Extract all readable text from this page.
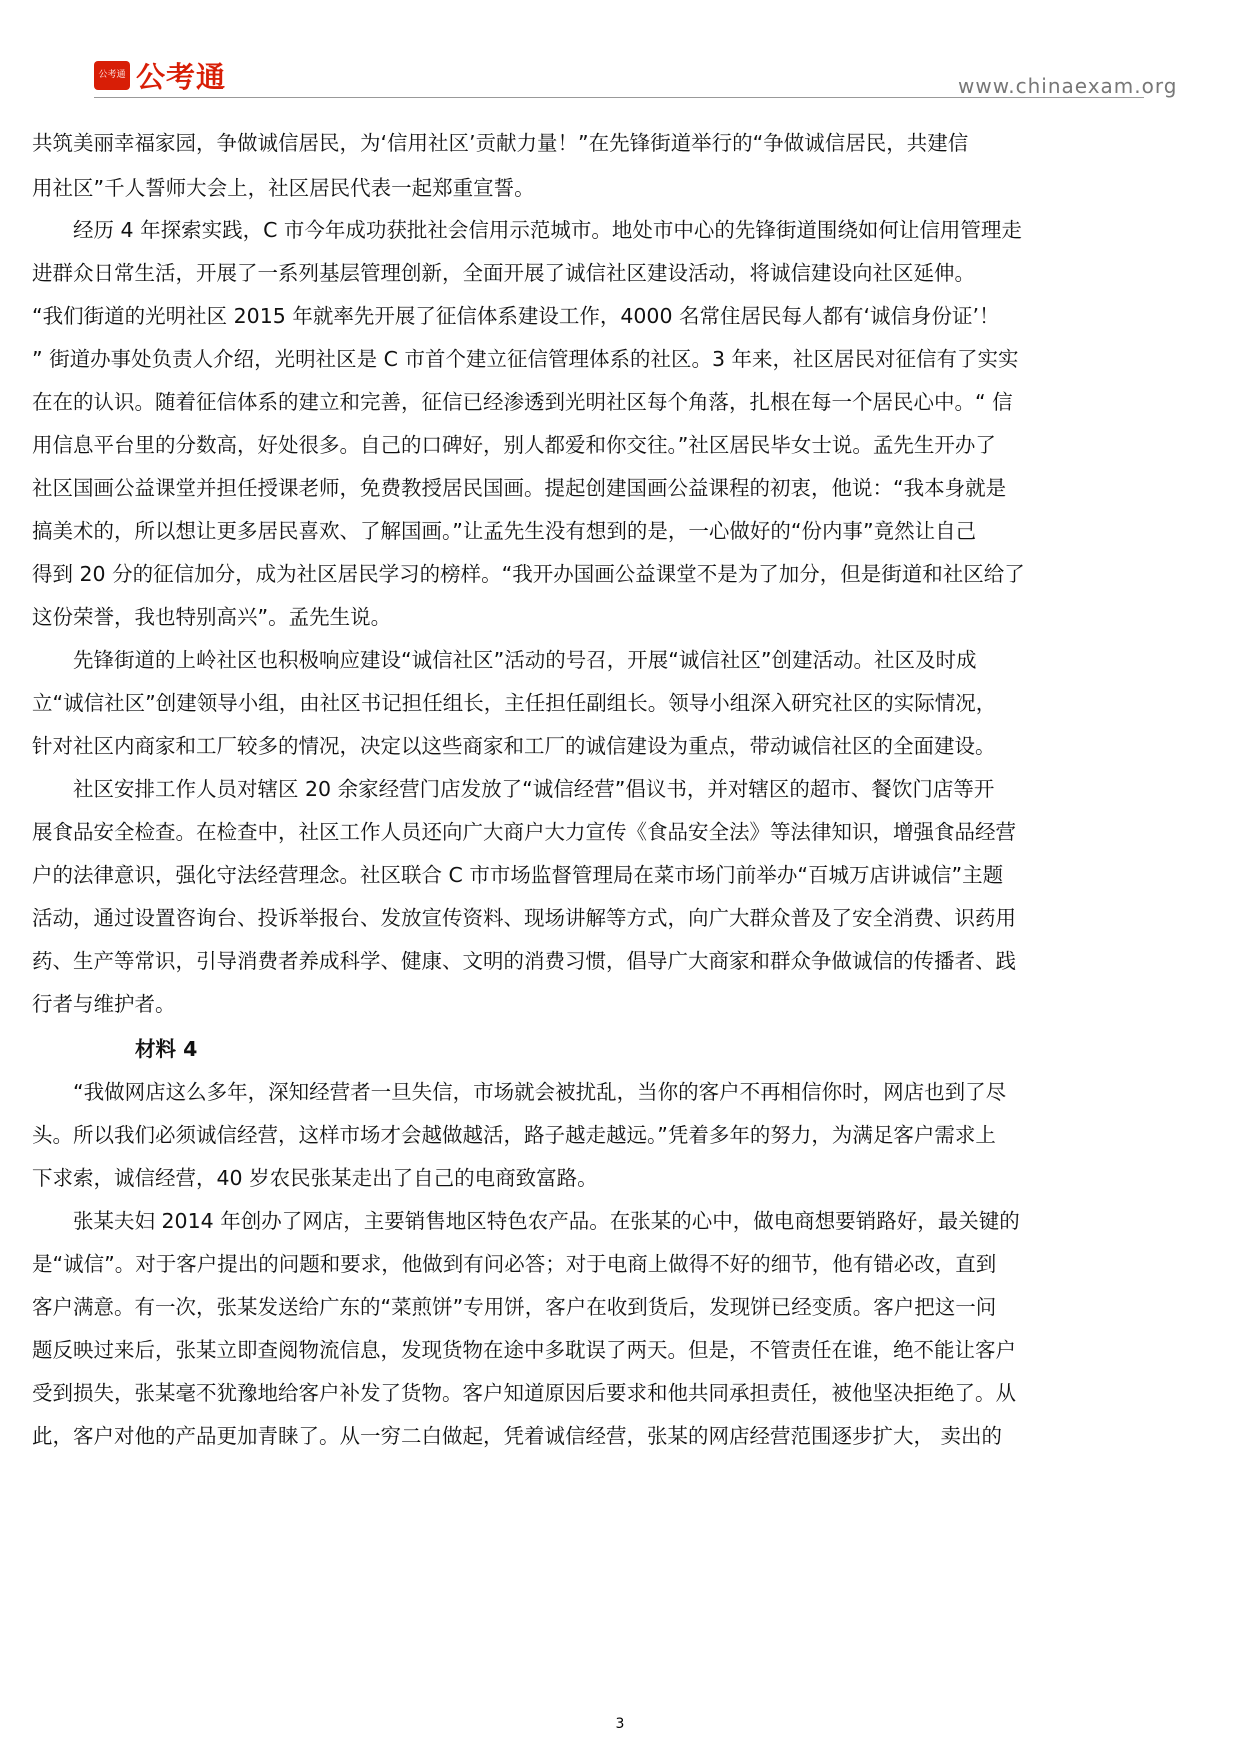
公考通 公考通	www.chinaexam.org
共筑美丽幸福家园，争做诚信居民，为‘信用社区’贡献力量！”在先锋街道举行的“争做诚信居民，共建信
用社区”千人誓师大会上，社区居民代表一起郑重宣誓。
经历 4 年探索实践，C 市今年成功获批社会信用示范城市。地处市中心的先锋街道围绕如何让信用管理走
进群众日常生活，开展了一系列基层管理创新，全面开展了诚信社区建设活动，将诚信建设向社区延伸。
“我们街道的光明社区 2015 年就率先开展了征信体系建设工作，4000 名常住居民每人都有‘诚信身份证’！
” 街道办事处负责人介绍，光明社区是 C 市首个建立征信管理体系的社区。3 年来，社区居民对征信有了实实
在在的认识。随着征信体系的建立和完善，征信已经渗透到光明社区每个角落，扎根在每一个居民心中。“ 信
用信息平台里的分数高，好处很多。自己的口碑好，别人都爱和你交往。”社区居民毕女士说。孟先生开办了
社区国画公益课堂并担任授课老师，免费教授居民国画。提起创建国画公益课程的初衷，他说：“我本身就是
搞美术的，所以想让更多居民喜欢、了解国画。”让孟先生没有想到的是，一心做好的“份内事”竟然让自己
得到 20 分的征信加分，成为社区居民学习的榜样。“我开办国画公益课堂不是为了加分，但是街道和社区给了
这份荣誉，我也特别高兴”。孟先生说。
先锋街道的上岭社区也积极响应建设“诚信社区”活动的号召，开展“诚信社区”创建活动。社区及时成
立“诚信社区”创建领导小组，由社区书记担任组长，主任担任副组长。领导小组深入研究社区的实际情况，
针对社区内商家和工厂较多的情况，决定以这些商家和工厂的诚信建设为重点，带动诚信社区的全面建设。
社区安排工作人员对辖区 20 余家经营门店发放了“诚信经营”倡议书，并对辖区的超市、餐饮门店等开
展食品安全检查。在检查中，社区工作人员还向广大商户大力宣传《食品安全法》等法律知识，增强食品经营
户的法律意识，强化守法经营理念。社区联合 C 市市场监督管理局在菜市场门前举办“百城万店讲诚信”主题
活动，通过设置咨询台、投诉举报台、发放宣传资料、现场讲解等方式，向广大群众普及了安全消费、识药用
药、生产等常识，引导消费者养成科学、健康、文明的消费习惯，倡导广大商家和群众争做诚信的传播者、践
行者与维护者。
材料 4
“我做网店这么多年，深知经营者一旦失信，市场就会被扰乱，当你的客户不再相信你时，网店也到了尽
头。所以我们必须诚信经营，这样市场才会越做越活，路子越走越远。”凭着多年的努力，为满足客户需求上
下求索，诚信经营，40 岁农民张某走出了自己的电商致富路。
张某夫妇 2014 年创办了网店，主要销售地区特色农产品。在张某的心中，做电商想要销路好，最关键的
是“诚信”。对于客户提出的问题和要求，他做到有问必答；对于电商上做得不好的细节，他有错必改，直到
客户满意。有一次，张某发送给广东的“菜煎饼”专用饼，客户在收到货后，发现饼已经变质。客户把这一问
题反映过来后，张某立即查阅物流信息，发现货物在途中多耽误了两天。但是，不管责任在谁，绝不能让客户
受到损失，张某毫不犹豫地给客户补发了货物。客户知道原因后要求和他共同承担责任，被他坚决拒绝了。从
此，客户对他的产品更加青睐了。从一穷二白做起，凭着诚信经营，张某的网店经营范围逐步扩大， 卖出的
3
